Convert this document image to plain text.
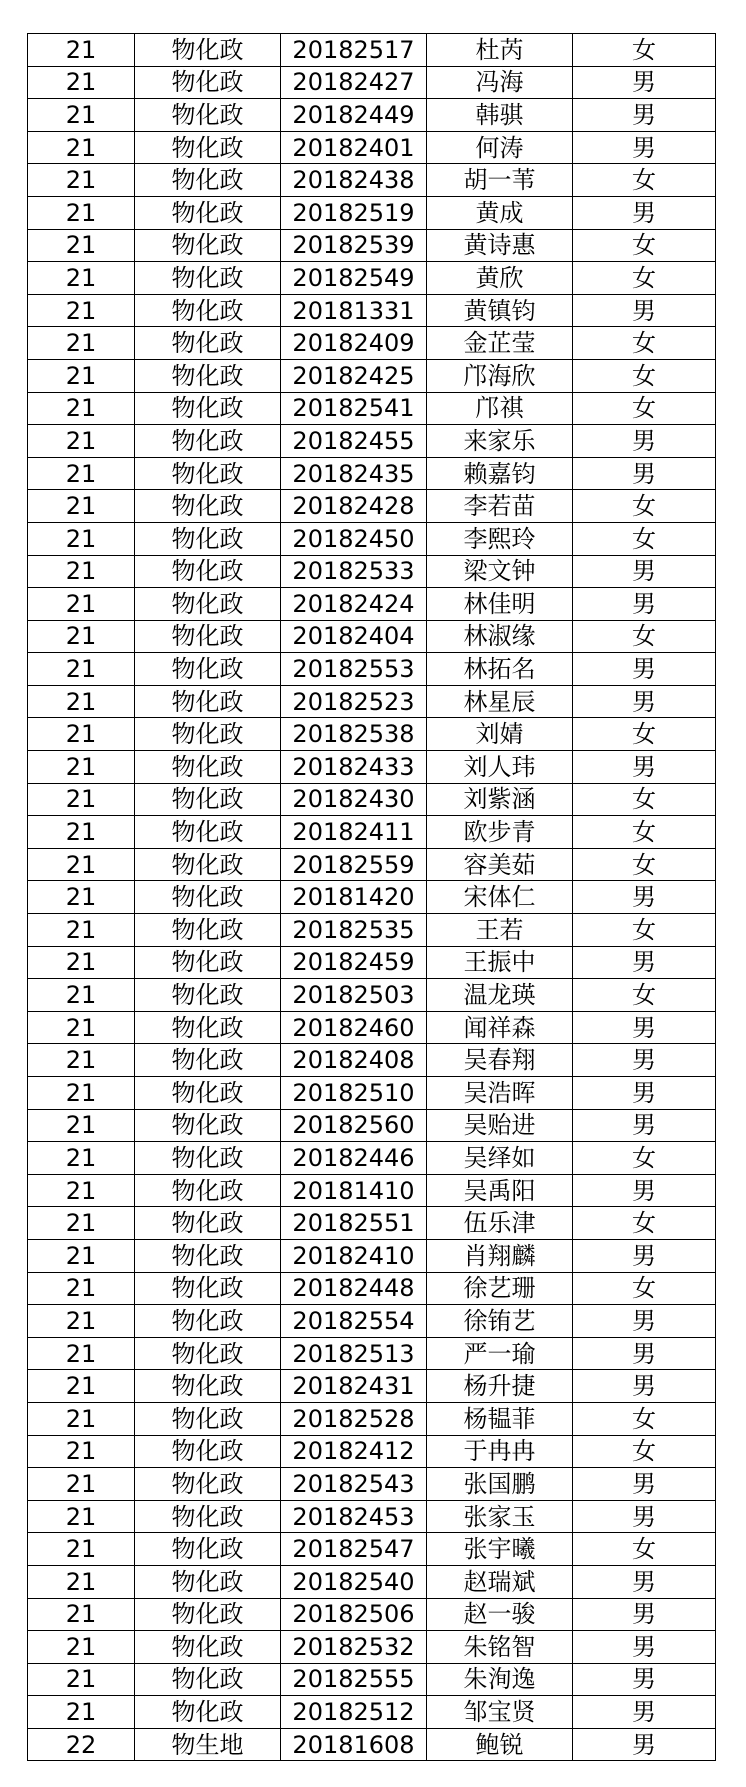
21	物化政	20182517	杜芮	女
21	物化政	20182427	冯海	男
21	物化政	20182449	韩骐	男
21	物化政	20182401	何涛	男
21	物化政	20182438	胡一苇	女
21	物化政	20182519	黄成	男
21	物化政	20182539	黄诗惠	女
21	物化政	20182549	黄欣	女
21	物化政	20181331	黄镇钧	男
21	物化政	20182409	金芷莹	女
21	物化政	20182425	邝海欣	女
21	物化政	20182541	邝祺	女
21	物化政	20182455	来家乐	男
21	物化政	20182435	赖嘉钧	男
21	物化政	20182428	李若苗	女
21	物化政	20182450	李熙玲	女
21	物化政	20182533	梁文钟	男
21	物化政	20182424	林佳明	男
21	物化政	20182404	林淑缘	女
21	物化政	20182553	林拓名	男
21	物化政	20182523	林星辰	男
21	物化政	20182538	刘婧	女
21	物化政	20182433	刘人玮	男
21	物化政	20182430	刘紫涵	女
21	物化政	20182411	欧步青	女
21	物化政	20182559	容美茹	女
21	物化政	20181420	宋体仁	男
21	物化政	20182535	王若	女
21	物化政	20182459	王振中	男
21	物化政	20182503	温龙瑛	女
21	物化政	20182460	闻祥森	男
21	物化政	20182408	吴春翔	男
21	物化政	20182510	吴浩晖	男
21	物化政	20182560	吴贻进	男
21	物化政	20182446	吴绎如	女
21	物化政	20181410	吴禹阳	男
21	物化政	20182551	伍乐津	女
21	物化政	20182410	肖翔麟	男
21	物化政	20182448	徐艺珊	女
21	物化政	20182554	徐铕艺	男
21	物化政	20182513	严一瑜	男
21	物化政	20182431	杨升捷	男
21	物化政	20182528	杨韫菲	女
21	物化政	20182412	于冉冉	女
21	物化政	20182543	张国鹏	男
21	物化政	20182453	张家玉	男
21	物化政	20182547	张宇曦	女
21	物化政	20182540	赵瑞斌	男
21	物化政	20182506	赵一骏	男
21	物化政	20182532	朱铭智	男
21	物化政	20182555	朱洵逸	男
21	物化政	20182512	邹宝贤	男
22	物生地	20181608	鲍锐	男
